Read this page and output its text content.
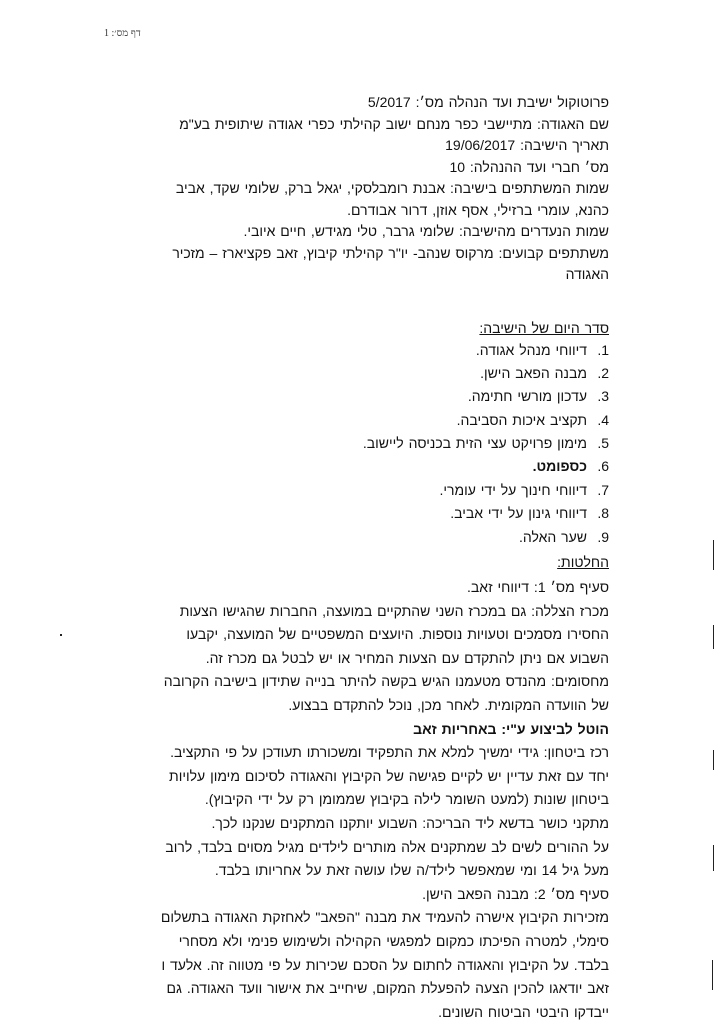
דף מס׳: 1

פרוטוקול ישיבת ועד הנהלה מס׳: 5/2017

שם האגודה: מתיישבי כפר מנחם ישוב קהילתי כפרי אגודה שיתופית בע"מ

תאריך הישיבה: 19/06/2017

מס׳ חברי ועד ההנהלה: 10

שמות המשתתפים בישיבה: אבנת רומבלסקי, יגאל ברק, שלומי שקד, אביב

כהנא, עומרי ברזילי, אסף אוזן, דרור אבודרם.

שמות הנעדרים מהישיבה: שלומי גרבר, טלי מגידש, חיים איובי.

משתתפים קבועים: מרקוס שנהב- יו"ר קהילתי קיבוץ, זאב פקציארז – מזכיר

האגודה

סדר היום של הישיבה:

1.דיווחי מנהל אגודה.
2.מבנה הפאב הישן.
3.עדכון מורשי חתימה.
4.תקציב איכות הסביבה.
5.מימון פרויקט עצי הזית בכניסה ליישוב.
6.כספומט.
7.דיווחי חינוך על ידי עומרי.
8.דיווחי גינון על ידי אביב.
9.שער האלה.

החלטות:

סעיף מס׳ 1: דיווחי זאב.

מכרז הצללה: גם במכרז השני שהתקיים במועצה, החברות שהגישו הצעות

החסירו מסמכים וטעויות נוספות. היועצים המשפטיים של המועצה, יקבעו

השבוע אם ניתן להתקדם עם הצעות המחיר או יש לבטל גם מכרז זה.

מחסומים: מהנדס מטעמנו הגיש בקשה להיתר בנייה שתידון בישיבה הקרובה

של הוועדה המקומית. לאחר מכן, נוכל להתקדם בבצוע.

הוטל לביצוע ע"י: באחריות זאב

רכז ביטחון: גידי ימשיך למלא את התפקיד ומשכורתו תעודכן על פי התקציב.

יחד עם זאת עדיין יש לקיים פגישה של הקיבוץ והאגודה לסיכום מימון עלויות

ביטחון שונות (למעט השומר לילה בקיבוץ שממומן רק על ידי הקיבוץ).

מתקני כושר בדשא ליד הבריכה: השבוע יותקנו המתקנים שנקנו לכך.

על ההורים לשים לב שמתקנים אלה מותרים לילדים מגיל מסוים בלבד, לרוב

מעל גיל 14 ומי שמאפשר לילד/ה שלו עושה זאת על אחריותו בלבד.

סעיף מס׳ 2: מבנה הפאב הישן.

מזכירות הקיבוץ אישרה להעמיד את מבנה "הפאב" לאחזקת האגודה בתשלום

סימלי, למטרה הפיכתו כמקום למפגשי הקהילה ולשימוש פנימי ולא מסחרי

בלבד. על הקיבוץ והאגודה לחתום על הסכם שכירות על פי מטווה זה. אלעד ו

זאב יודאגו להכין הצעה להפעלת המקום, שיחייב את אישור וועד האגודה. גם

ייבדקו היבטי הביטוח השונים.
